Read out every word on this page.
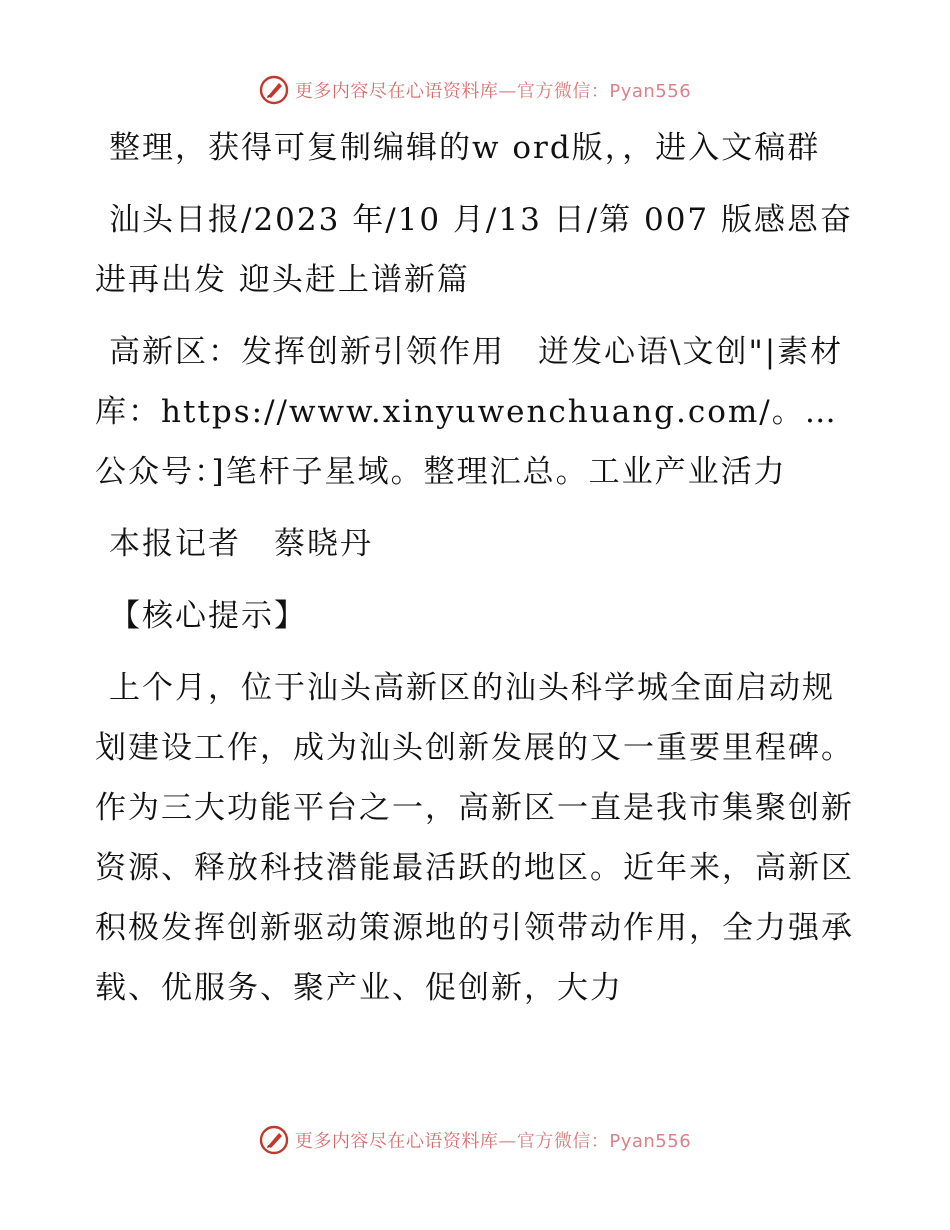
更多内容尽在心语资料库—官方微信：Pyan556

整理，获得可复制编辑的w ord版，，进入文稿群

汕头日报/2023 年/10 月/13 日/第 007 版感恩奋进再出发 迎头赶上谱新篇

高新区：发挥创新引领作用　迸发心语\文创"|素材库：https://www.xinyuwenchuang.com/。…公众号：]笔杆子星域。整理汇总。工业产业活力

本报记者　蔡晓丹

【核心提示】

上个月，位于汕头高新区的汕头科学城全面启动规划建设工作，成为汕头创新发展的又一重要里程碑。作为三大功能平台之一，高新区一直是我市集聚创新资源、释放科技潜能最活跃的地区。近年来，高新区积极发挥创新驱动策源地的引领带动作用，全力强承载、优服务、聚产业、促创新，大力

更多内容尽在心语资料库—官方微信：Pyan556
